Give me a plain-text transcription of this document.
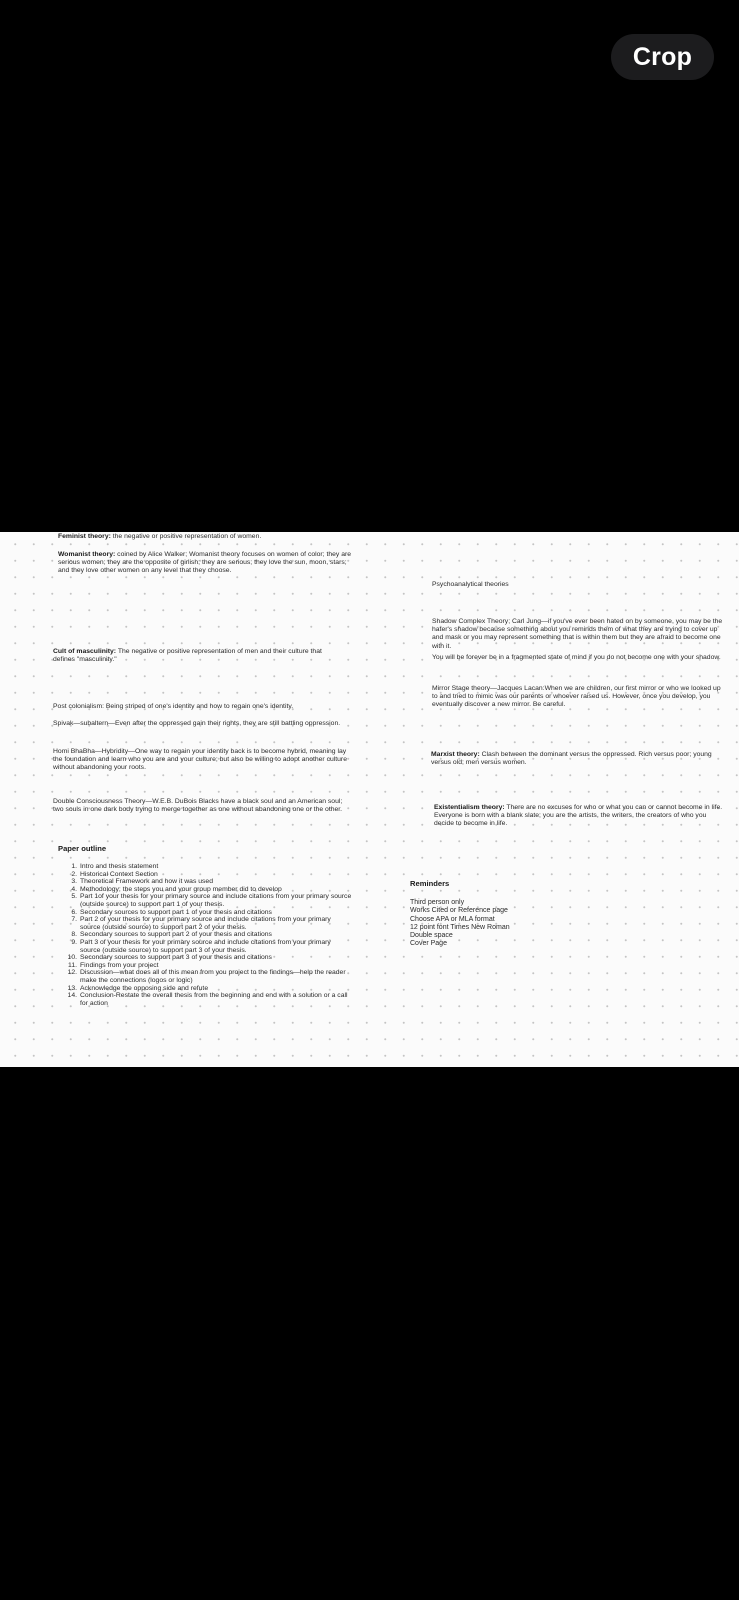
Crop
Feminist theory: the negative or positive representation of women.
Womanist theory: coined by Alice Walker; Womanist theory focuses on women of color; they are serious women; they are the opposite of girlish; they are serious; they love the sun, moon, stars; and they love other women on any level that they choose.
Cult of masculinity: The negative or positive representation of men and their culture that defines "masculinity."
Post colonialism: Being striped of one's identity and how to regain one's identity.
Spivak—subaltern—Even after the oppressed gain their rights, they are still battling oppression.
Homi BhaBha—Hybridity—One way to regain your identity back is to become hybrid, meaning lay the foundation and learn who you are and your culture; but also be willing to adopt another culture without abandoning your roots.
Double Consciousness Theory—W.E.B. DuBois Blacks have a black soul and an American soul; two souls in one dark body trying to merge together as one without abandoning one or the other.
Paper outline
1. Intro and thesis statement
2. Historical Context Section
3. Theoretical Framework and how it was used
4. Methodology; the steps you and your group member did to develop
5. Part 1of your thesis for your primary source and include citations from your primary source (outside source) to support part 1 of your thesis.
6. Secondary sources to support part 1 of your thesis and citations
7. Part 2 of your thesis for your primary source and include citations from your primary source (outside source) to support part 2 of your thesis.
8. Secondary sources to support part 2 of your thesis and citations
9. Part 3 of your thesis for your primary source and include citations from your primary source (outside source) to support part 3 of your thesis.
10. Secondary sources to support part 3 of your thesis and citations
11. Findings from your project
12. Discussion—what does all of this mean from you project to the findings—help the reader make the connections (logos or logic)
13. Acknowledge the opposing side and refute
14. Conclusion-Restate the overall thesis from the beginning and end with a solution or a call for action
Psychoanalytical theories
Shadow Complex Theory; Carl Jung—if you've ever been hated on by someone, you may be the hater's shadow because something about you reminds them of what they are trying to cover up and mask or you may represent something that is within them but they are afraid to become one with it.
You will be forever be in a fragmented state of mind if you do not become one with your shadow.
Mirror Stage theory—Jacques Lacan:When we are children, our first mirror or who we looked up to and tried to mimic was our parents or whoever raised us. However, once you develop, you eventually discover a new mirror. Be careful.
Marxist theory: Clash between the dominant versus the oppressed. Rich versus poor; young versus old; men versus women.
Existentialism theory: There are no excuses for who or what you can or cannot become in life. Everyone is born with a blank slate; you are the artists, the writers, the creators of who you decide to become in life.
Reminders
Third person only
Works Cited or Reference page
Choose APA or MLA format
12 point font Times New Roman
Double space
Cover Page
